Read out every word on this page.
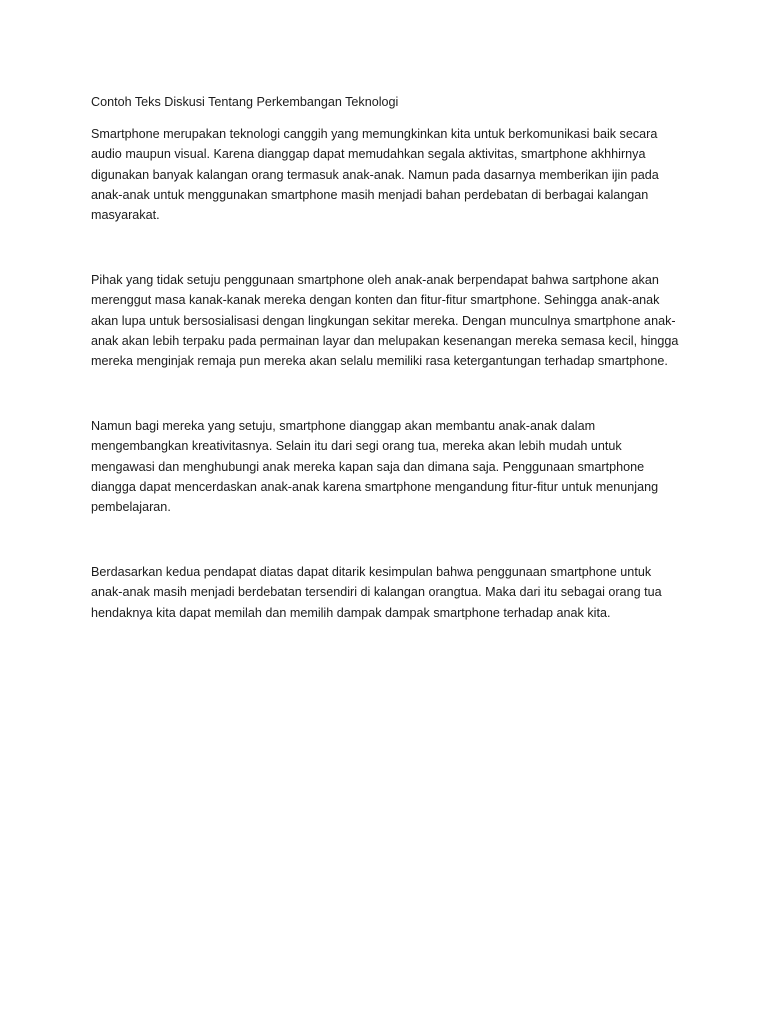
Contoh Teks Diskusi Tentang Perkembangan Teknologi

Smartphone merupakan teknologi canggih yang memungkinkan kita untuk berkomunikasi baik secara audio maupun visual. Karena dianggap dapat memudahkan segala aktivitas, smartphone akhhirnya digunakan banyak kalangan orang termasuk anak-anak. Namun pada dasarnya memberikan ijin pada anak-anak untuk menggunakan smartphone masih menjadi bahan perdebatan di berbagai kalangan masyarakat.

Pihak yang tidak setuju penggunaan smartphone oleh anak-anak berpendapat bahwa sartphone akan merenggut masa kanak-kanak mereka dengan konten dan fitur-fitur smartphone. Sehingga anak-anak akan lupa untuk bersosialisasi dengan lingkungan sekitar mereka. Dengan munculnya smartphone anak-anak akan lebih terpaku pada permainan layar dan melupakan kesenangan mereka semasa kecil, hingga mereka menginjak remaja pun mereka akan selalu memiliki rasa ketergantungan terhadap smartphone.

Namun bagi mereka yang setuju, smartphone dianggap akan membantu anak-anak dalam mengembangkan kreativitasnya. Selain itu dari segi orang tua, mereka akan lebih mudah untuk mengawasi dan menghubungi anak mereka kapan saja dan dimana saja. Penggunaan smartphone diangga dapat mencerdaskan anak-anak karena smartphone mengandung fitur-fitur untuk menunjang pembelajaran.

Berdasarkan kedua pendapat diatas dapat ditarik kesimpulan bahwa penggunaan smartphone untuk anak-anak masih menjadi berdebatan tersendiri di kalangan orangtua. Maka dari itu sebagai orang tua hendaknya kita dapat memilah dan memilih dampak dampak smartphone terhadap anak kita.
